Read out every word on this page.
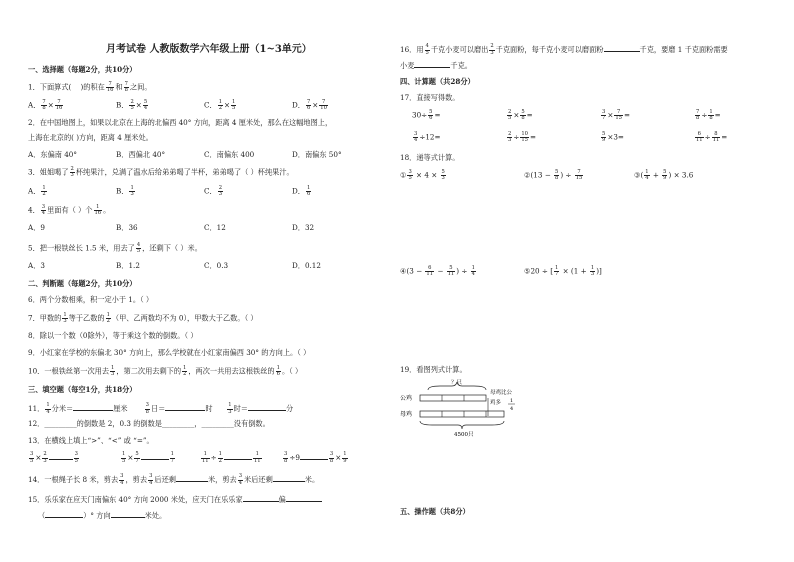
月考试卷 人教版数学六年级上册（1~3单元）
一、选择题（每题2分，共10分）
1．下面算式( )的积在 $\frac{7}{16}$ 和 $\frac{7}{8}$ 之间。
A． $\frac{7}{8} \times \frac{7}{16}$	B． $\frac{2}{5} \times \frac{5}{4}$	C． $\frac{1}{2} \times \frac{1}{5}$	D． $\frac{7}{6} \times \frac{7}{10}$
2．在中国地图上，如果以北京在上海的北偏西 40° 方向，距离 4 厘米处，那么在这幅地图上，
上海在北京的( )方向，距离 4 厘米处。
A．东偏南 40°	B．西偏北 40°	C．南偏东 400	D．南偏东 50°
3．姐姐喝了 $\frac{2}{3}$ 杯纯果汁，兑满了温水后给弟弟喝了半杯，弟弟喝了（ ）杯纯果汁。
A． $\frac{1}{2}$	B． $\frac{1}{3}$	C． $\frac{2}{3}$	D． $\frac{1}{6}$
4． $\frac{3}{4}$ 里面有（ ）个 $\frac{1}{16}$ 。
A．9	B．36	C．12	D．32
5．把一根铁丝长 1.5 米，用去了 $\frac{4}{5}$ ，还剩下（ ）米。
A．3	B．1.2	C．0.3	D．0.12
二、判断题（每题2分，共10分）
6．两个分数相乘，积一定小于 1。（ ）
7．甲数的 $\frac{1}{3}$ 等于乙数的 $\frac{1}{2}$ （甲、乙两数均不为 0），甲数大于乙数。（ ）
8．除以一个数（0除外），等于乘这个数的倒数。（ ）
9．小红家在学校的东偏北 30° 方向上，那么学校就在小红家南偏西 30° 的方向上。（ ）
10．一根铁丝第一次用去 $\frac{1}{3}$ ，第二次用去剩下的 $\frac{1}{2}$ ，两次一共用去这根铁丝的 $\frac{1}{6}$ 。（ ）
三、填空题（每空1分，共18分）
11． $\frac{1}{4}$ 分米＝	厘米	$\frac{3}{8}$ 日＝	时	$\frac{1}{3}$ 时＝	分
12．_________的倒数是 2，0.3 的倒数是_________，_________没有倒数。
13．在横线上填上“>”、“<” 或 “=”。
$\frac{3}{5} \times \frac{2}{3}$	$\frac{3}{5}$	$\frac{1}{5} \times \frac{5}{7}$	$\frac{1}{7}$	$\frac{1}{11} \div \frac{1}{2}$	$\frac{1}{11}$	$\frac{3}{8} \div 9$	$\frac{3}{8} \times \frac{1}{9}$
14．一根绳子长 8 米，剪去 $\frac{3}{4}$ ，剪去 $\frac{3}{4}$ 后还剩	米，剪去 $\frac{3}{4}$ 米后还剩	米。
15．乐乐家在应天门南偏东 40° 方向 2000 米处，应天门在乐乐家	偏
（	）° 方向	米处。
16．用 $\frac{4}{5}$ 千克小麦可以磨出 $\frac{2}{3}$ 千克面粉，每千克小麦可以磨面粉	千克，要磨 1 千克面粉需要
小麦	千克。
四、计算题（共28分）
17．直接写得数。
$30\div \frac{5}{6}$ =	$\frac{2}{5} \times \frac{5}{8}$ =	$\frac{3}{7} \times \frac{7}{15}$ =	$\frac{7}{8} \div \frac{1}{8}$ =
$\frac{3}{4} \div 12=$	$\frac{2}{3} \div \frac{10}{15}$ =	$\frac{5}{9} \times 3=$	$\frac{6}{11} \div \frac{8}{11}$ =
18．递等式计算。
① $\frac{3}{5} \times 4 \times \frac{5}{3}$	②(13 − $\frac{5}{8}$ ) ÷ $\frac{7}{15}$	③( $\frac{1}{4} + \frac{5}{9}$ ) × 3.6
④(3 − $\frac{6}{11} - \frac{5}{11}$ ) ÷ $\frac{1}{4}$	⑤20 ÷ [ $\frac{1}{7} \times (1 + \frac{1}{3}$ )]
19．看图列式计算。
？只
公鸡
母鸡
母鸡比公
鸡多 1
4
4500只
五、操作题（共8分）
